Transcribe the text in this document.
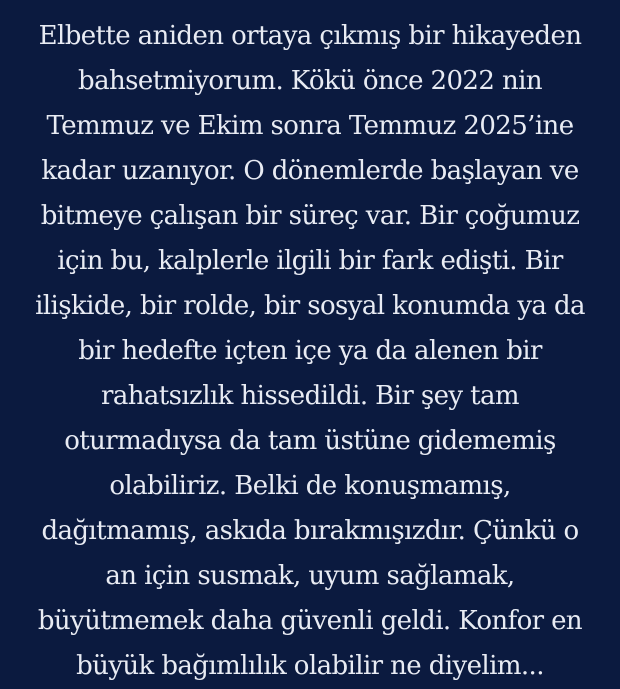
Elbette aniden ortaya çıkmış bir hikayeden
bahsetmiyorum. Kökü önce 2022 nin
Temmuz ve Ekim sonra Temmuz 2025’ine
kadar uzanıyor. O dönemlerde başlayan ve
bitmeye çalışan bir süreç var. Bir çoğumuz
için bu, kalplerle ilgili bir fark edişti. Bir
ilişkide, bir rolde, bir sosyal konumda ya da
bir hedefte içten içe ya da alenen bir
rahatsızlık hissedildi. Bir şey tam
oturmadıysa da tam üstüne gidememiş
olabiliriz. Belki de konuşmamış,
dağıtmamış, askıda bırakmışızdır. Çünkü o
an için susmak, uyum sağlamak,
büyütmemek daha güvenli geldi. Konfor en
büyük bağımlılık olabilir ne diyelim...
